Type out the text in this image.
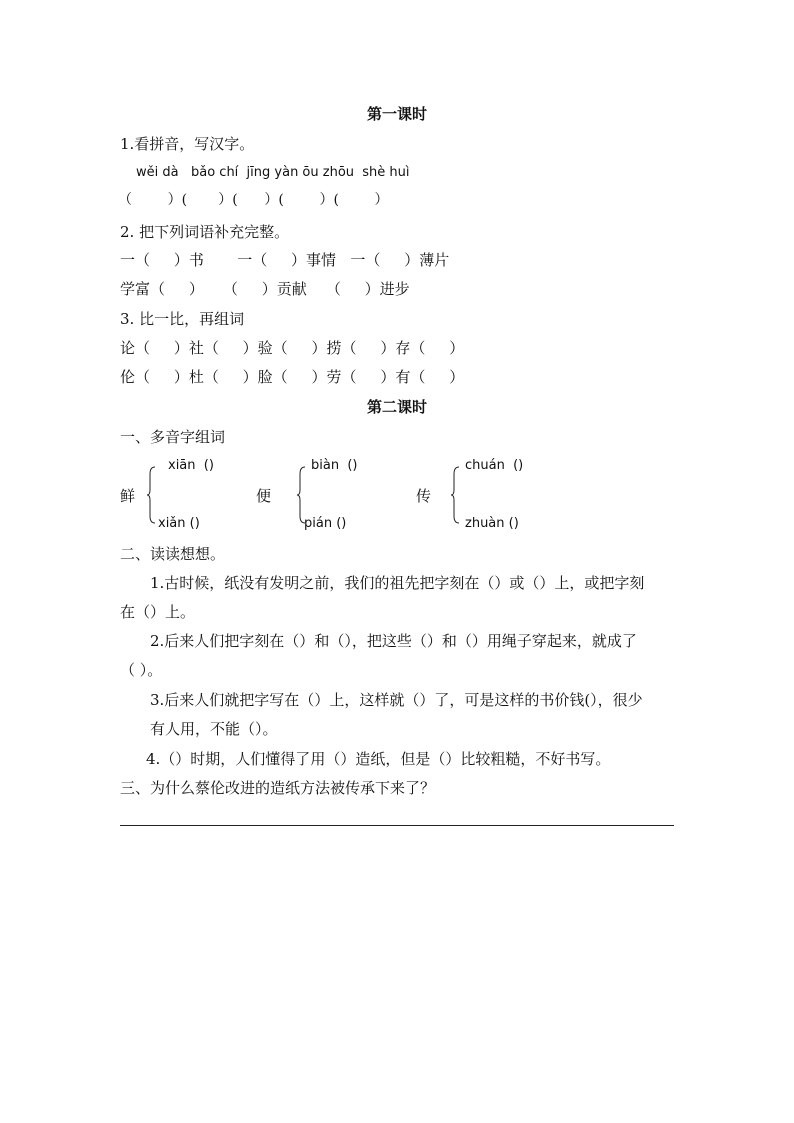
第一课时
1.看拼音，写汉字。
wěi dà   bǎo chí  jīng yàn ōu zhōu  shè huì
（        ）(       ）(      ）(        ）(        ）
2. 把下列词语补充完整。
一（     ）书       一（     ）事情   一（     ）薄片
学富（     ）    （     ）贡献    （     ）进步
3. 比一比，再组词
论（     ）社（     ）验（     ）捞（     ）存（     ）
伦（     ）杜（     ）脸（     ）劳（     ）有（     ）
第二课时
一、多音字组词
鲜
xiān  ()
xiǎn ()
便
biàn  ()
pián ()
传
chuán  ()
zhuàn ()
二、读读想想。
1.古时候，纸没有发明之前，我们的祖先把字刻在（）或（）上，或把字刻
在（）上。
2.后来人们把字刻在（）和（），把这些（）和（）用绳子穿起来，就成了
（ ）。
3.后来人们就把字写在（）上，这样就（）了，可是这样的书价钱(），很少
有人用，不能（）。
4.（）时期，人们懂得了用（）造纸，但是（）比较粗糙，不好书写。
三、为什么蔡伦改进的造纸方法被传承下来了？
